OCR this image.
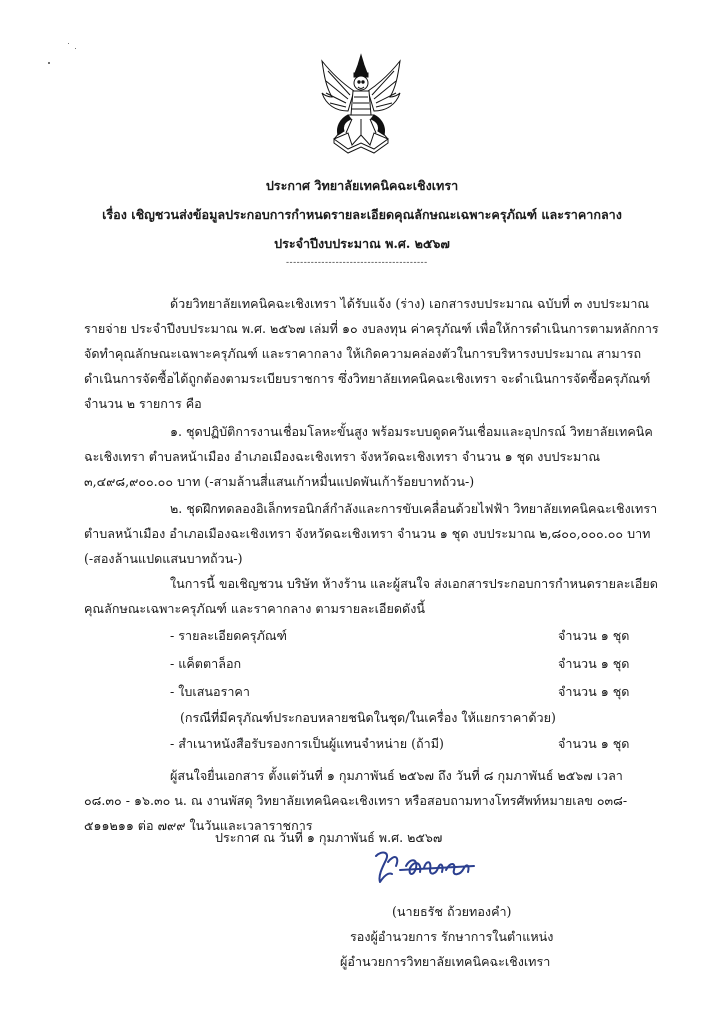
ประกาศ วิทยาลัยเทคนิคฉะเชิงเทรา
เรื่อง เชิญชวนส่งข้อมูลประกอบการกำหนดรายละเอียดคุณลักษณะเฉพาะครุภัณฑ์ และราคากลาง
ประจำปีงบประมาณ พ.ศ. ๒๕๖๗
----------------------------------------
ด้วยวิทยาลัยเทคนิคฉะเชิงเทรา ได้รับแจ้ง (ร่าง) เอกสารงบประมาณ ฉบับที่ ๓ งบประมาณ
รายจ่าย ประจำปีงบประมาณ พ.ศ. ๒๕๖๗ เล่มที่ ๑๐ งบลงทุน ค่าครุภัณฑ์ เพื่อให้การดำเนินการตามหลักการ
จัดทำคุณลักษณะเฉพาะครุภัณฑ์ และราคากลาง ให้เกิดความคล่องตัวในการบริหารงบประมาณ สามารถ
ดำเนินการจัดซื้อได้ถูกต้องตามระเบียบราชการ ซึ่งวิทยาลัยเทคนิคฉะเชิงเทรา จะดำเนินการจัดซื้อครุภัณฑ์
จำนวน ๒ รายการ คือ
๑. ชุดปฏิบัติการงานเชื่อมโลหะขั้นสูง พร้อมระบบดูดควันเชื่อมและอุปกรณ์ วิทยาลัยเทคนิค
ฉะเชิงเทรา ตำบลหน้าเมือง อำเภอเมืองฉะเชิงเทรา จังหวัดฉะเชิงเทรา จำนวน ๑ ชุด งบประมาณ
๓,๔๙๘,๙๐๐.๐๐ บาท (-สามล้านสี่แสนเก้าหมื่นแปดพันเก้าร้อยบาทถ้วน-)
๒. ชุดฝึกทดลองอิเล็กทรอนิกส์กำลังและการขับเคลื่อนด้วยไฟฟ้า วิทยาลัยเทคนิคฉะเชิงเทรา
ตำบลหน้าเมือง อำเภอเมืองฉะเชิงเทรา จังหวัดฉะเชิงเทรา จำนวน ๑ ชุด งบประมาณ ๒,๘๐๐,๐๐๐.๐๐ บาท
(-สองล้านแปดแสนบาทถ้วน-)
ในการนี้ ขอเชิญชวน บริษัท ห้างร้าน และผู้สนใจ ส่งเอกสารประกอบการกำหนดรายละเอียด
คุณลักษณะเฉพาะครุภัณฑ์ และราคากลาง ตามรายละเอียดดังนี้
- รายละเอียดครุภัณฑ์	จำนวน ๑ ชุด
- แค็ตตาล็อก	จำนวน ๑ ชุด
- ใบเสนอราคา	จำนวน ๑ ชุด
(กรณีที่มีครุภัณฑ์ประกอบหลายชนิดในชุด/ในเครื่อง ให้แยกราคาด้วย)
- สำเนาหนังสือรับรองการเป็นผู้แทนจำหน่าย (ถ้ามี)	จำนวน ๑ ชุด
ผู้สนใจยื่นเอกสาร ตั้งแต่วันที่ ๑ กุมภาพันธ์ ๒๕๖๗ ถึง วันที่ ๘ กุมภาพันธ์ ๒๕๖๗ เวลา
๐๘.๓๐ - ๑๖.๓๐ น. ณ งานพัสดุ วิทยาลัยเทคนิคฉะเชิงเทรา หรือสอบถามทางโทรศัพท์หมายเลข ๐๓๘-
๕๑๑๒๑๑ ต่อ ๗๙๙ ในวันและเวลาราชการ
ประกาศ ณ วันที่ ๑ กุมภาพันธ์ พ.ศ. ๒๕๖๗
(นายธรัช ถ้วยทองคำ)
รองผู้อำนวยการ รักษาการในตำแหน่ง
ผู้อำนวยการวิทยาลัยเทคนิคฉะเชิงเทรา
